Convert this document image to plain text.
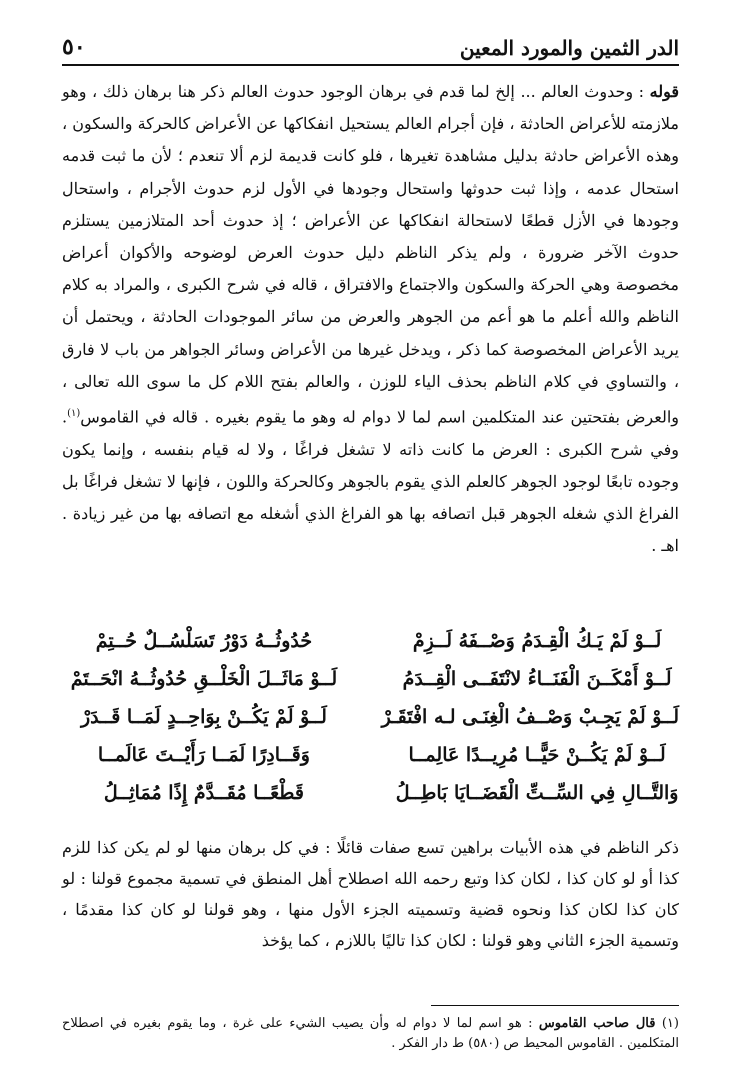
الدر الثمين والمورد المعين
٥٠

قوله : وحدوث العالم ... إلخ لما قدم في برهان الوجود حدوث العالم ذكر هنا برهان ذلك ، وهو ملازمته للأعراض الحادثة ، فإن أجرام العالم يستحيل انفكاكها عن الأعراض كالحركة والسكون ، وهذه الأعراض حادثة بدليل مشاهدة تغيرها ، فلو كانت قديمة لزم ألا تنعدم ؛ لأن ما ثبت قدمه استحال عدمه ، وإذا ثبت حدوثها واستحال وجودها في الأول لزم حدوث الأجرام ، واستحال وجودها في الأزل قطعًا لاستحالة انفكاكها عن الأعراض ؛ إذ حدوث أحد المتلازمين يستلزم حدوث الآخر ضرورة ، ولم يذكر الناظم دليل حدوث العرض لوضوحه والأكوان أعراض مخصوصة وهي الحركة والسكون والاجتماع والافتراق ، قاله في شرح الكبرى ، والمراد به كلام الناظم والله أعلم ما هو أعم من الجوهر والعرض من سائر الموجودات الحادثة ، ويحتمل أن يريد الأعراض المخصوصة كما ذكر ، ويدخل غيرها من الأعراض وسائر الجواهر من باب لا فارق ، والتساوي في كلام الناظم بحذف الياء للوزن ، والعالم بفتح اللام كل ما سوى الله تعالى ، والعرض بفتحتين عند المتكلمين اسم لما لا دوام له وهو ما يقوم بغيره . قاله في القاموس$^{(١)}$. وفي شرح الكبرى : العرض ما كانت ذاته لا تشغل فراغًا ، ولا له قيام بنفسه ، وإنما يكون وجوده تابعًا لوجود الجوهر كالعلم الذي يقوم بالجوهر وكالحركة واللون ، فإنها لا تشغل فراغًا بل الفراغ الذي شغله الجوهر قبل اتصافه بها هو الفراغ الذي أشغله مع اتصافه بها من غير زيادة . اهـ .

لَــوْ لَمْ يَـكُ الْقِـدَمُ وَصْــفَهُ لَــزِمْ
حُدُوثُــهُ دَوْرُ تَسَلْسُــلٌ حُــتِمْ
لَــوْ أَمْكَــنَ الْفَنَــاءُ لانْتَفَــى الْقِــدَمُ
لَــوْ مَاثَــلَ الْخَلْــقِ حُدُوثُــهُ انْحَــتَمْ
لَــوْ لَمْ يَجِـبْ وَصْــفُ الْغِنَـى لـه افْتَقَـرْ
لَــوْ لَمْ يَكُــنْ بِوَاحِــدٍ لَمَــا قَــدَرْ
لَــوْ لَمْ يَكُــنْ حَيًّــا مُرِيــدًا عَالِمــا
وَقَــادِرًا لَمَــا رَأَيْــتَ عَالَمــا
وَالتَّــالِ فِي السِّــتِّ الْقَضَــايَا بَاطِــلُ
قَطْعًــا مُقَــدَّمٌ إِذًا مُمَاثِــلُ

ذكر الناظم في هذه الأبيات براهين تسع صفات قائلًا : في كل برهان منها لو لم يكن كذا للزم كذا أو لو كان كذا ، لكان كذا وتبع رحمه الله اصطلاح أهل المنطق في تسمية مجموع قولنا : لو كان كذا لكان كذا ونحوه قضية وتسميته الجزء الأول منها ، وهو قولنا لو كان كذا مقدمًا ، وتسمية الجزء الثاني وهو قولنا : لكان كذا تاليًا باللازم ، كما يؤخذ

(١) قال صاحب القاموس : هو اسم لما لا دوام له وأن يصيب الشيء على غرة ، وما يقوم بغيره في اصطلاح المتكلمين . القاموس المحيط ص (٥٨٠) ط دار الفكر .
